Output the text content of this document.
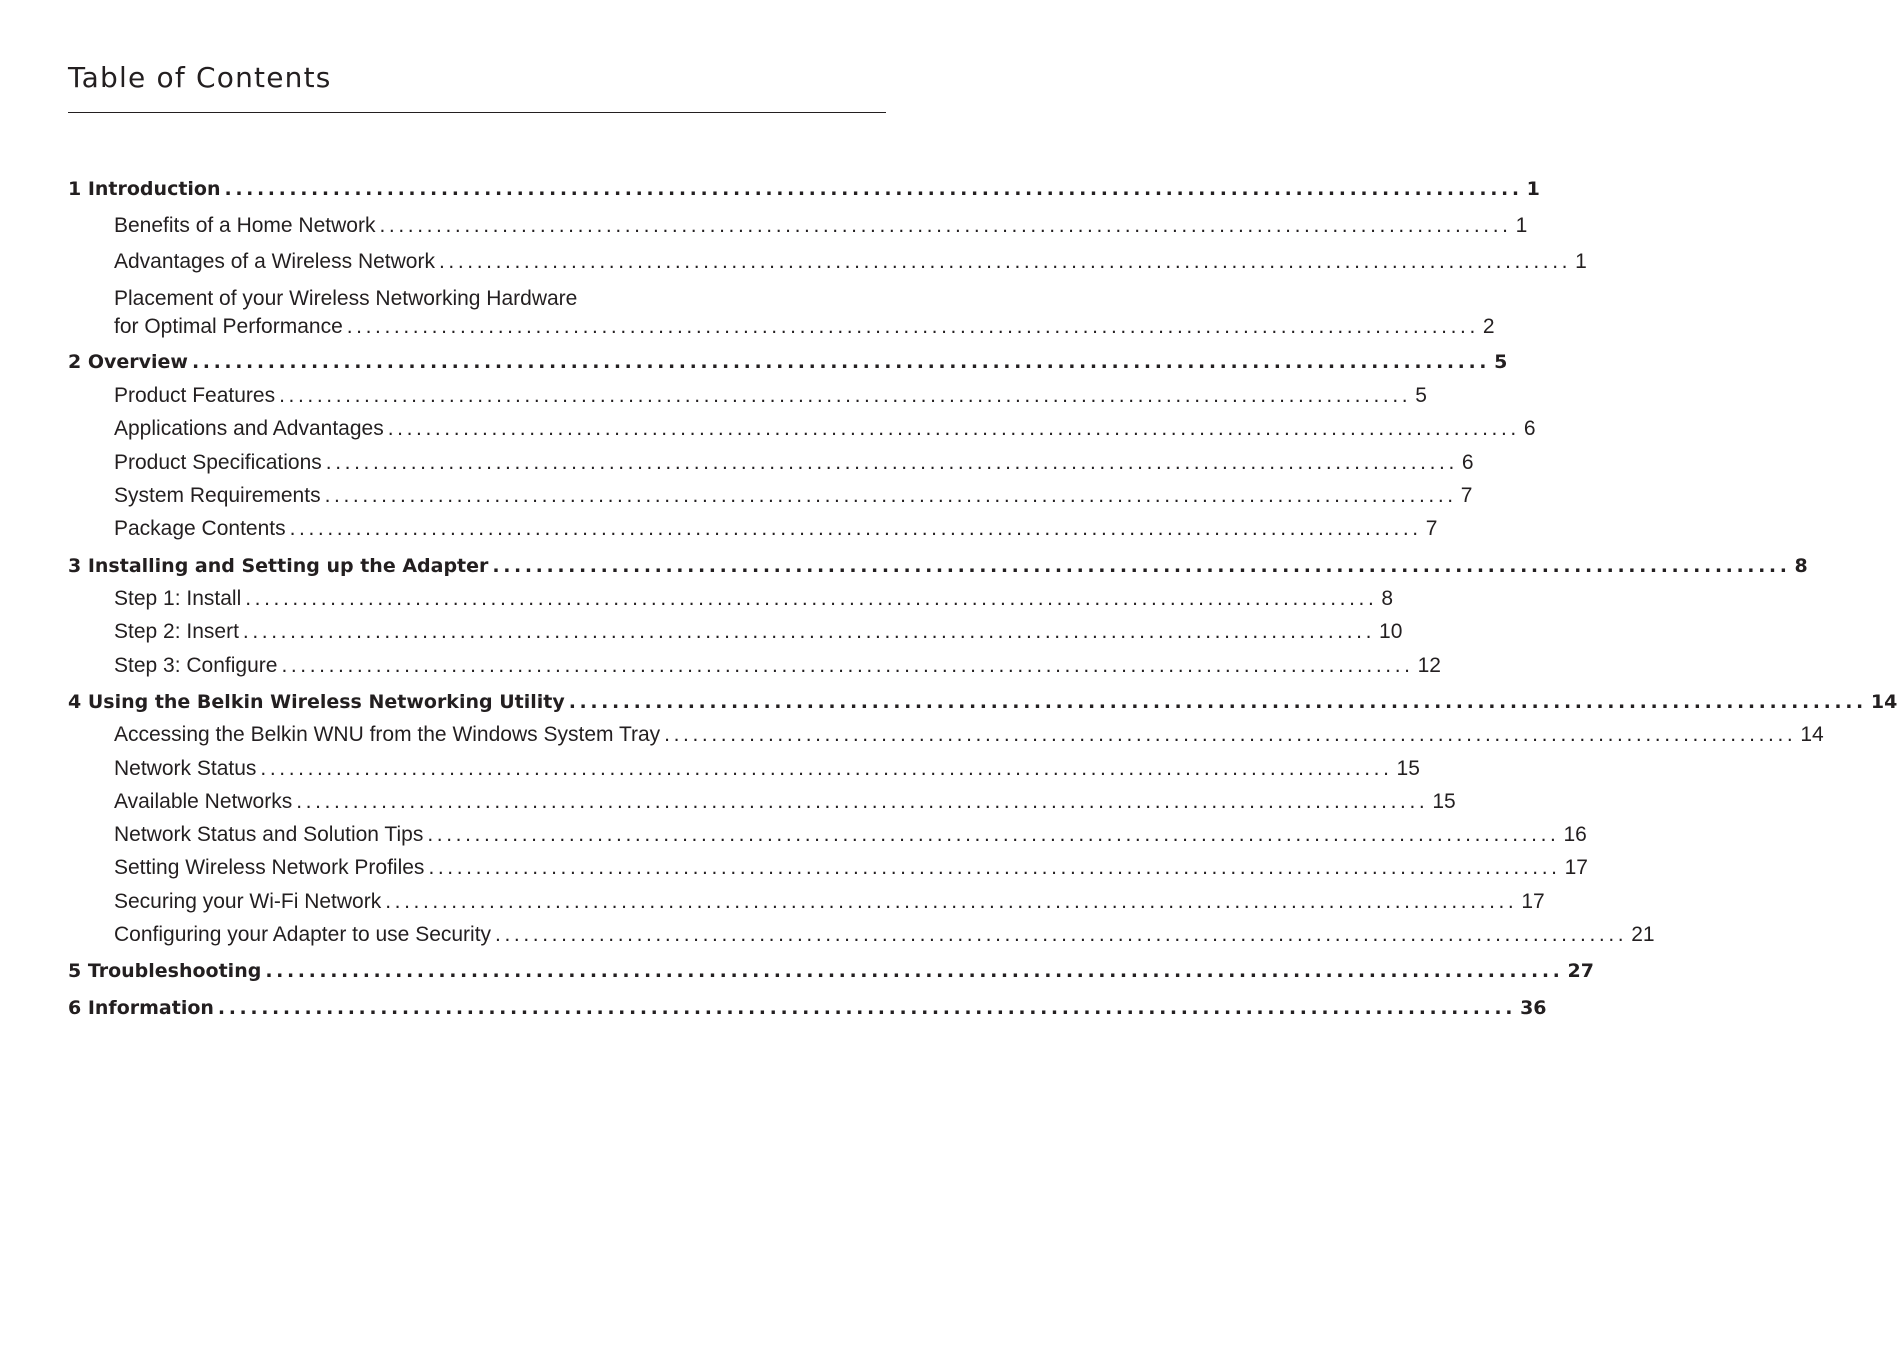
Table of Contents
1 Introduction ........................................................................................................................ 1
Benefits of a Home Network ........................................................................................................................ 1
Advantages of a Wireless Network ........................................................................................................................ 1
Placement of your Wireless Networking Hardware
for Optimal Performance ........................................................................................................................ 2
2 Overview ........................................................................................................................ 5
Product Features ........................................................................................................................ 5
Applications and Advantages ........................................................................................................................ 6
Product Specifications ........................................................................................................................ 6
System Requirements ........................................................................................................................ 7
Package Contents ........................................................................................................................ 7
3 Installing and Setting up the Adapter ........................................................................................................................ 8
Step 1: Install ........................................................................................................................ 8
Step 2: Insert ........................................................................................................................ 10
Step 3: Configure ........................................................................................................................ 12
4 Using the Belkin Wireless Networking Utility ........................................................................................................................ 14
Accessing the Belkin WNU from the Windows System Tray ........................................................................................................................ 14
Network Status ........................................................................................................................ 15
Available Networks ........................................................................................................................ 15
Network Status and Solution Tips ........................................................................................................................ 16
Setting Wireless Network Profiles ........................................................................................................................ 17
Securing your Wi-Fi Network ........................................................................................................................ 17
Configuring your Adapter to use Security ........................................................................................................................ 21
5 Troubleshooting ........................................................................................................................ 27
6 Information ........................................................................................................................ 36
